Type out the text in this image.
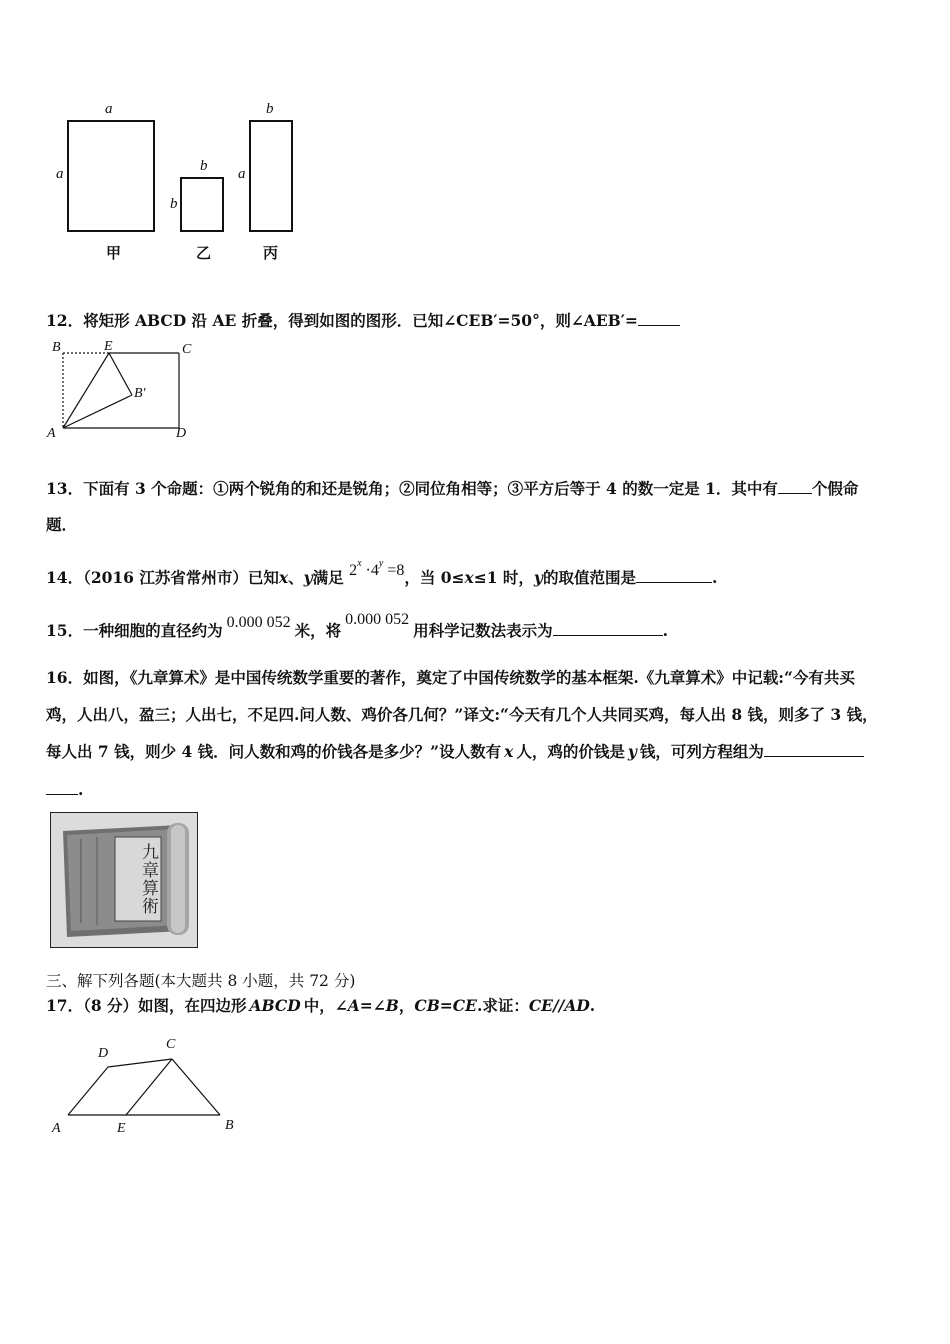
a
a
甲
b
b
乙
b
a
丙
12．将矩形 ABCD 沿 AE 折叠，得到如图的图形．已知∠CEB′=50°，则∠AEB′=
B	E	C
B′
A	D
13．下面有 3 个命题：①两个锐角的和还是锐角；②同位角相等；③平方后等于 4 的数一定是 1．其中有 个假命
题．
14．（2016 江苏省常州市）已知x、y满足 $2^x \cdot 4^y =8$，当 0≤x≤1 时，y的取值范围是	.
15．一种细胞的直径约为 0.000 052 米，将0.000 052用科学记数法表示为	.
16．如图，《九章算术》是中国传统数学重要的著作，奠定了中国传统数学的基本框架.《九章算术》中记载:“今有共买
鸡，人出八，盈三；人出七，不足四.问人数、鸡价各几何？”译文:“今天有几个人共同买鸡，每人出 8 钱，则多了 3 钱，
每人出 7 钱，则少 4 钱．问人数和鸡的价钱各是多少？”设人数有 x 人，鸡的价钱是 y 钱，可列方程组为
.
九章算術
三、解下列各题(本大题共 8 小题，共 72 分)
17．（8 分）如图，在四边形 ABCD 中，∠A=∠B，CB=CE.求证：CE//AD.
D
C
A	E	B
